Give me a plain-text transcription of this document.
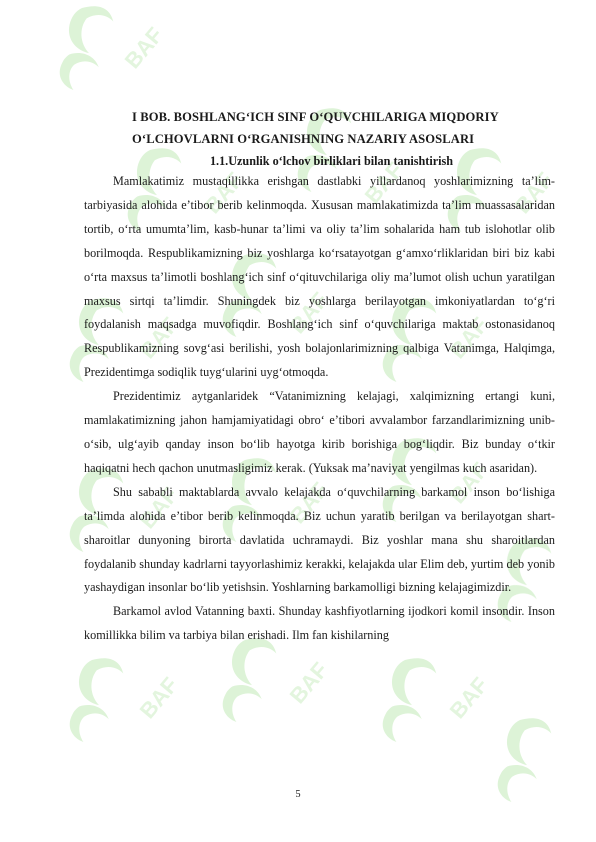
BAF
BAF	BAF	BAF
BAF	BAF	BAF
BAF	BAF	BAF
BAF	BAF	BAF
I BOB. BOSHLANG‘ICH SINF O‘QUVCHILARIGA MIQDORIY
O‘LCHOVLARNI O‘RGANISHNING NAZARIY ASOSLARI
1.1.Uzunlik o‘lchov birliklari bilan tanishtirish

Mamlakatimiz mustaqillikka erishgan dastlabki yillardanoq yoshlarimizning ta’lim-tarbiyasida alohida e’tibor berib kelinmoqda. Xususan mamlakatimizda ta’lim muassasalaridan tortib, o‘rta umumta’lim, kasb-hunar ta’limi va oliy ta’lim sohalarida ham tub islohotlar olib borilmoqda. Respublikamizning biz yoshlarga ko‘rsatayotgan g‘amxo‘rliklaridan biri biz kabi o‘rta maxsus ta’limotli boshlang‘ich sinf o‘qituvchilariga oliy ma’lumot olish uchun yaratilgan maxsus sirtqi ta’limdir. Shuningdek biz yoshlarga berilayotgan imkoniyatlardan to‘g‘ri foydalanish maqsadga muvofiqdir. Boshlang‘ich sinf o‘quvchilariga maktab ostonasidanoq Respublikamizning sovg‘asi berilishi, yosh bolajonlarimizning qalbiga Vatanimga, Halqimga, Prezidentimga sodiqlik tuyg‘ularini uyg‘otmoqda.

Prezidentimiz aytganlaridek “Vatanimizning kelajagi, xalqimizning ertangi kuni, mamlakatimizning jahon hamjamiyatidagi obro‘ e’tibori avvalambor farzandlarimizning unib-o‘sib, ulg‘ayib qanday inson bo‘lib hayotga kirib borishiga bog‘liqdir. Biz bunday o‘tkir haqiqatni hech qachon unutmasligimiz kerak. (Yuksak ma’naviyat yengilmas kuch asaridan).

Shu sababli maktablarda avvalo kelajakda o‘quvchilarning barkamol inson bo‘lishiga ta’limda alohida e’tibor berib kelinmoqda. Biz uchun yaratib berilgan va berilayotgan shart-sharoitlar dunyoning birorta davlatida uchramaydi. Biz yoshlar mana shu sharoitlardan foydalanib shunday kadrlarni tayyorlashimiz kerakki, kelajakda ular Elim deb, yurtim deb yonib yashaydigan insonlar bo‘lib yetishsin. Yoshlarning barkamolligi bizning kelajagimizdir.

Barkamol avlod Vatanning baxti. Shunday kashfiyotlarning ijodkori komil insondir. Inson komillikka bilim va tarbiya bilan erishadi. Ilm fan kishilarning

5
